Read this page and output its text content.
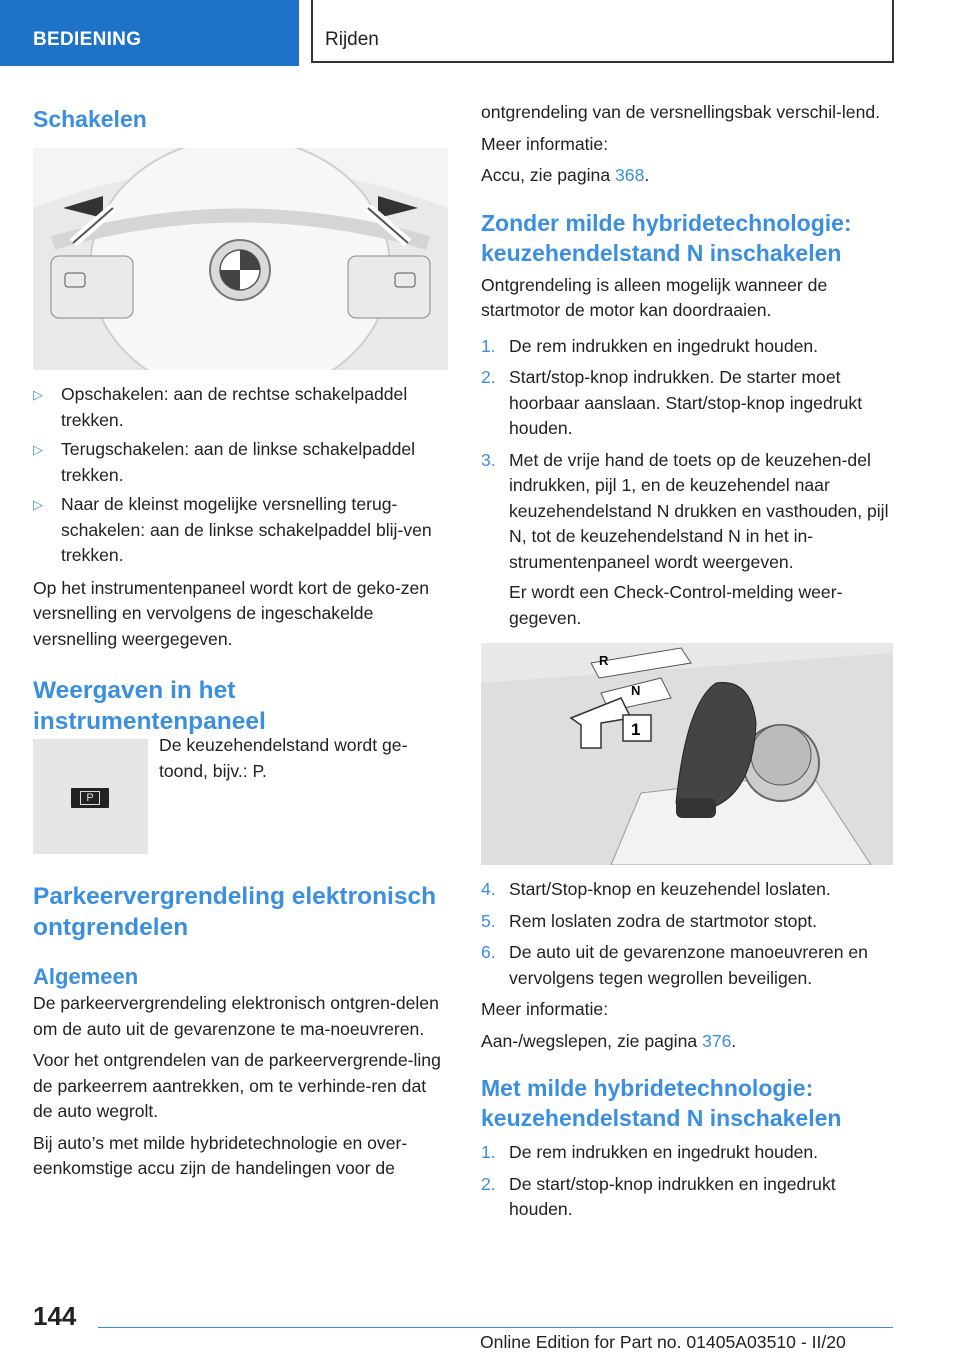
BEDIENING	Rijden
Schakelen
▷ Opschakelen: aan de rechtse schakelpaddel trekken.
▷ Terugschakelen: aan de linkse schakelpaddel trekken.
▷ Naar de kleinst mogelijke versnelling terug-schakelen: aan de linkse schakelpaddel blij-ven trekken.

Op het instrumentenpaneel wordt kort de geko-zen versnelling en vervolgens de ingeschakelde versnelling weergegeven.

Weergaven in het instrumentenpaneel
P

De keuzehendelstand wordt ge-toond, bijv.: P.

Parkeervergrendeling elektronisch ontgrendelen
Algemeen

De parkeervergrendeling elektronisch ontgren-delen om de auto uit de gevarenzone te ma-noeuvreren.

Voor het ontgrendelen van de parkeervergrende-ling de parkeerrem aantrekken, om te verhinde-ren dat de auto wegrolt.

Bij auto’s met milde hybridetechnologie en over-eenkomstige accu zijn de handelingen voor de

ontgrendeling van de versnellingsbak verschil-lend.

Meer informatie:

Accu, zie pagina 368.

Zonder milde hybridetechnologie: keuzehendelstand N inschakelen

Ontgrendeling is alleen mogelijk wanneer de startmotor de motor kan doordraaien.

1. De rem indrukken en ingedrukt houden.
2. Start/stop-knop indrukken. De starter moet hoorbaar aanslaan. Start/stop-knop ingedrukt houden.
3. Met de vrije hand de toets op de keuzehen-del indrukken, pijl 1, en de keuzehendel naar keuzehendelstand N drukken en vasthouden, pijl N, tot de keuzehendelstand N in het in-strumentenpaneel wordt weergeven.

Er wordt een Check-Control-melding weer-gegeven.

R
N
1
4. Start/Stop-knop en keuzehendel loslaten.
5. Rem loslaten zodra de startmotor stopt.
6. De auto uit de gevarenzone manoeuvreren en vervolgens tegen wegrollen beveiligen.

Meer informatie:

Aan-/wegslepen, zie pagina 376.

Met milde hybridetechnologie: keuzehendelstand N inschakelen
1. De rem indrukken en ingedrukt houden.
2. De start/stop-knop indrukken en ingedrukt houden.
144
Online Edition for Part no. 01405A03510 - II/20
